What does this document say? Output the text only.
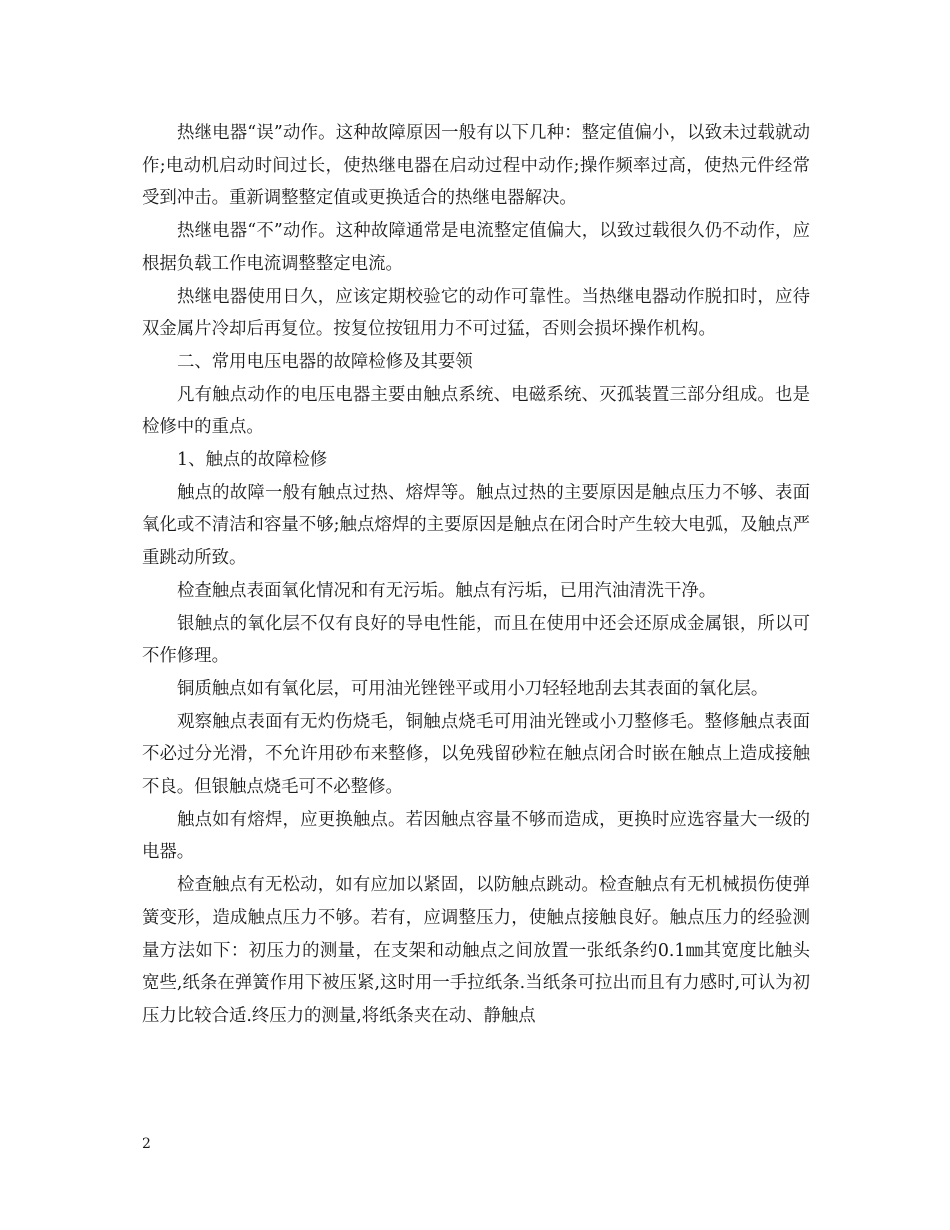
热继电器“误”动作。这种故障原因一般有以下几种：整定值偏小，以致未过载就动作;电动机启动时间过长，使热继电器在启动过程中动作;操作频率过高，使热元件经常受到冲击。重新调整整定值或更换适合的热继电器解决。

热继电器“不”动作。这种故障通常是电流整定值偏大，以致过载很久仍不动作，应根据负载工作电流调整整定电流。

热继电器使用日久，应该定期校验它的动作可靠性。当热继电器动作脱扣时，应待双金属片冷却后再复位。按复位按钮用力不可过猛，否则会损坏操作机构。

二、常用电压电器的故障检修及其要领

凡有触点动作的电压电器主要由触点系统、电磁系统、灭孤装置三部分组成。也是检修中的重点。

1、触点的故障检修

触点的故障一般有触点过热、熔焊等。触点过热的主要原因是触点压力不够、表面氧化或不清洁和容量不够;触点熔焊的主要原因是触点在闭合时产生较大电弧，及触点严重跳动所致。

检查触点表面氧化情况和有无污垢。触点有污垢，已用汽油清洗干净。

银触点的氧化层不仅有良好的导电性能，而且在使用中还会还原成金属银，所以可不作修理。

铜质触点如有氧化层，可用油光锉锉平或用小刀轻轻地刮去其表面的氧化层。

观察触点表面有无灼伤烧毛，铜触点烧毛可用油光锉或小刀整修毛。整修触点表面不必过分光滑，不允许用砂布来整修，以免残留砂粒在触点闭合时嵌在触点上造成接触不良。但银触点烧毛可不必整修。

触点如有熔焊，应更换触点。若因触点容量不够而造成，更换时应选容量大一级的电器。

检查触点有无松动，如有应加以紧固，以防触点跳动。检查触点有无机械损伤使弹簧变形，造成触点压力不够。若有，应调整压力，使触点接触良好。触点压力的经验测量方法如下：初压力的测量，在支架和动触点之间放置一张纸条约0.1㎜其宽度比触头宽些,纸条在弹簧作用下被压紧,这时用一手拉纸条.当纸条可拉出而且有力感时,可认为初压力比较合适.终压力的测量,将纸条夹在动、静触点

2
